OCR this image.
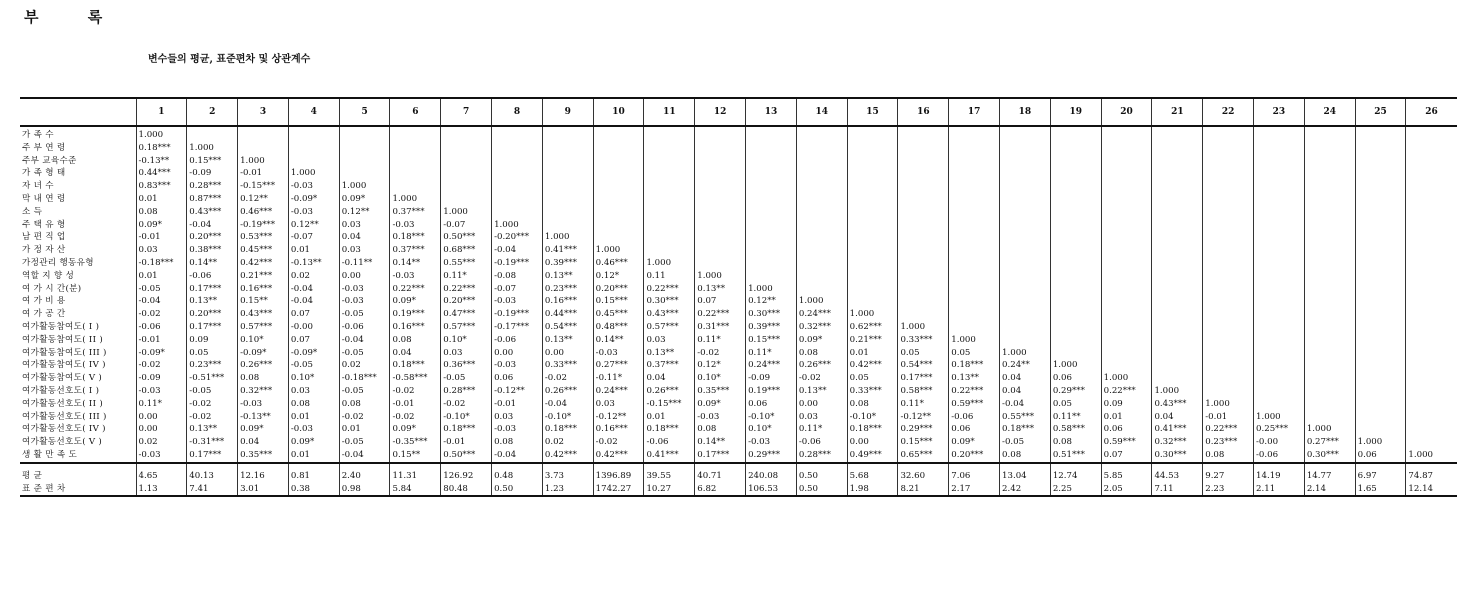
부 록
변수들의 평균, 표준편차 및 상관계수
	1	2	3	4	5	6	7	8	9	10	11	12	13	14	15	16	17	18	19	20	21	22	23	24	25	26
가 족 수	1.000																									
주 부 연 령	0.18***	1.000																								
주부 교육수준	-0.13**	0.15***	1.000																							
가 족 형 태	0.44***	-0.09	-0.01	1.000																						
자 녀 수	0.83***	0.28***	-0.15***	-0.03	1.000																					
막 내 연 령	0.01	0.87***	0.12**	-0.09*	0.09*	1.000																				
소 득	0.08	0.43***	0.46***	-0.03	0.12**	0.37***	1.000																			
주 택 유 형	0.09*	-0.04	-0.19***	0.12**	0.03	-0.03	-0.07	1.000																		
남 편 직 업	-0.01	0.20***	0.53***	-0.07	0.04	0.18***	0.50***	-0.20***	1.000																	
가 정 자 산	0.03	0.38***	0.45***	0.01	0.03	0.37***	0.68***	-0.04	0.41***	1.000																
가정관리 행동유형	-0.18***	0.14**	0.42***	-0.13**	-0.11**	0.14**	0.55***	-0.19***	0.39***	0.46***	1.000															
역할 지 향 성	0.01	-0.06	0.21***	0.02	0.00	-0.03	0.11*	-0.08	0.13**	0.12*	0.11	1.000														
여 가 시 간(분)	-0.05	0.17***	0.16***	-0.04	-0.03	0.22***	0.22***	-0.07	0.23***	0.20***	0.22***	0.13**	1.000													
여 가 비 용	-0.04	0.13**	0.15**	-0.04	-0.03	0.09*	0.20***	-0.03	0.16***	0.15***	0.30***	0.07	0.12**	1.000												
여 가 공 간	-0.02	0.20***	0.43***	0.07	-0.05	0.19***	0.47***	-0.19***	0.44***	0.45***	0.43***	0.22***	0.30***	0.24***	1.000											
여가활동참여도( I )	-0.06	0.17***	0.57***	-0.00	-0.06	0.16***	0.57***	-0.17***	0.54***	0.48***	0.57***	0.31***	0.39***	0.32***	0.62***	1.000										
여가활동참여도( II )	-0.01	0.09	0.10*	0.07	-0.04	0.08	0.10*	-0.06	0.13**	0.14**	0.03	0.11*	0.15***	0.09*	0.21***	0.33***	1.000									
여가활동참여도( III )	-0.09*	0.05	-0.09*	-0.09*	-0.05	0.04	0.03	0.00	0.00	-0.03	0.13**	-0.02	0.11*	0.08	0.01	0.05	0.05	1.000								
여가활동참여도( IV )	-0.02	0.23***	0.26***	-0.05	0.02	0.18***	0.36***	-0.03	0.33***	0.27***	0.37***	0.12*	0.24***	0.26***	0.42***	0.54***	0.18***	0.24**	1.000							
여가활동참여도( V )	-0.09	-0.51***	0.08	0.10*	-0.18***	-0.58***	-0.05	0.06	-0.02	-0.11*	0.04	0.10*	-0.09	-0.02	0.05	0.17***	0.13**	0.04	0.06	1.000						
여가활동선호도( I )	-0.03	-0.05	0.32***	0.03	-0.05	-0.02	0.28***	-0.12**	0.26***	0.24***	0.26***	0.35***	0.19***	0.13**	0.33***	0.58***	0.22***	0.04	0.29***	0.22***	1.000					
여가활동선호도( II )	0.11*	-0.02	-0.03	0.08	0.08	-0.01	-0.02	-0.01	-0.04	0.03	-0.15***	0.09*	0.06	0.00	0.08	0.11*	0.59***	-0.04	0.05	0.09	0.43***	1.000				
여가활동선호도( III )	0.00	-0.02	-0.13**	0.01	-0.02	-0.02	-0.10*	0.03	-0.10*	-0.12**	0.01	-0.03	-0.10*	0.03	-0.10*	-0.12**	-0.06	0.55***	0.11**	0.01	0.04	-0.01	1.000			
여가활동선호도( IV )	0.00	0.13**	0.09*	-0.03	0.01	0.09*	0.18***	-0.03	0.18***	0.16***	0.18***	0.08	0.10*	0.11*	0.18***	0.29***	0.06	0.18***	0.58***	0.06	0.41***	0.22***	0.25***	1.000		
여가활동선호도( V )	0.02	-0.31***	0.04	0.09*	-0.05	-0.35***	-0.01	0.08	0.02	-0.02	-0.06	0.14**	-0.03	-0.06	0.00	0.15***	0.09*	-0.05	0.08	0.59***	0.32***	0.23***	-0.00	0.27***	1.000	
생 활 만 족 도	-0.03	0.17***	0.35***	0.01	-0.04	0.15**	0.50***	-0.04	0.42***	0.42***	0.41***	0.17***	0.29***	0.28***	0.49***	0.65***	0.20***	0.08	0.51***	0.07	0.30***	0.08	-0.06	0.30***	0.06	1.000
평 균	4.65	40.13	12.16	0.81	2.40	11.31	126.92	0.48	3.73	1396.89	39.55	40.71	240.08	0.50	5.68	32.60	7.06	13.04	12.74	5.85	44.53	9.27	14.19	14.77	6.97	74.87
표 준 편 차	1.13	7.41	3.01	0.38	0.98	5.84	80.48	0.50	1.23	1742.27	10.27	6.82	106.53	0.50	1.98	8.21	2.17	2.42	2.25	2.05	7.11	2.23	2.11	2.14	1.65	12.14
